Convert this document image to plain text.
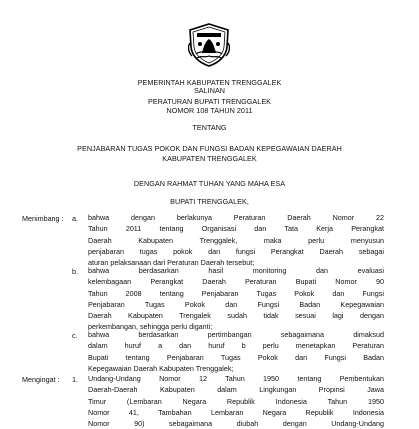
PEMERINTAH KABUPATEN TRENGGALEK
SALINAN
PERATURAN BUPATI TRENGGALEK
NOMOR 108 TAHUN 2011
TENTANG
PENJABARAN TUGAS POKOK DAN FUNGSI BADAN KEPEGAWAIAN DAERAH
KABUPATEN TRENGGALEK
DENGAN RAHMAT TUHAN YANG MAHA ESA
BUPATI TRENGGALEK,
Menimbang : a. bahwa dengan berlakunya Peraturan Daerah Nomor 22
Tahun 2011 tentang Organisasi dan Tata Kerja Perangkat
Daerah Kabupaten Trenggalek, maka perlu menyusun
penjabaran tugas pokok dan fungsi Perangkat Daerah sebagai
aturan pelaksanaan dari Peraturan Daerah tersebut;
b. bahwa berdasarkan hasil monitoring dan evaluasi
kelembagaan Perangkat Daerah Peraturan Bupati Nomor 90
Tahun 2008 tentang Penjabaran Tugas Pokok dan Fungsi
Penjabaran Tugas Pokok dan Fungsi Badan Kepegawaian
Daerah Kabupaten Trengalek sudah tidak sesuai lagi dengan
perkembangan, sehingga perlu diganti;
c. bahwa berdasarkan pertimbangan sebagaimana dimaksud
dalam huruf a dan huruf b perlu menetapkan Peraturan
Bupati tentang Penjabaran Tugas Pokok dan Fungsi Badan
Kepegawaian Daerah Kabupaten Trenggalek;
Mengingat : 1. Undang-Undang Nomor 12 Tahun 1950 tentang Pembentukan
Daerah-Daerah Kabupaten dalam Lingkungan Propinsi Jawa
Timur (Lembaran Negara Republik Indonesia Tahun 1950
Nomor 41, Tambahan Lembaran Negara Republik Indonesia
Nomor 90) sebagaimana diubah dengan Undang-Undang
